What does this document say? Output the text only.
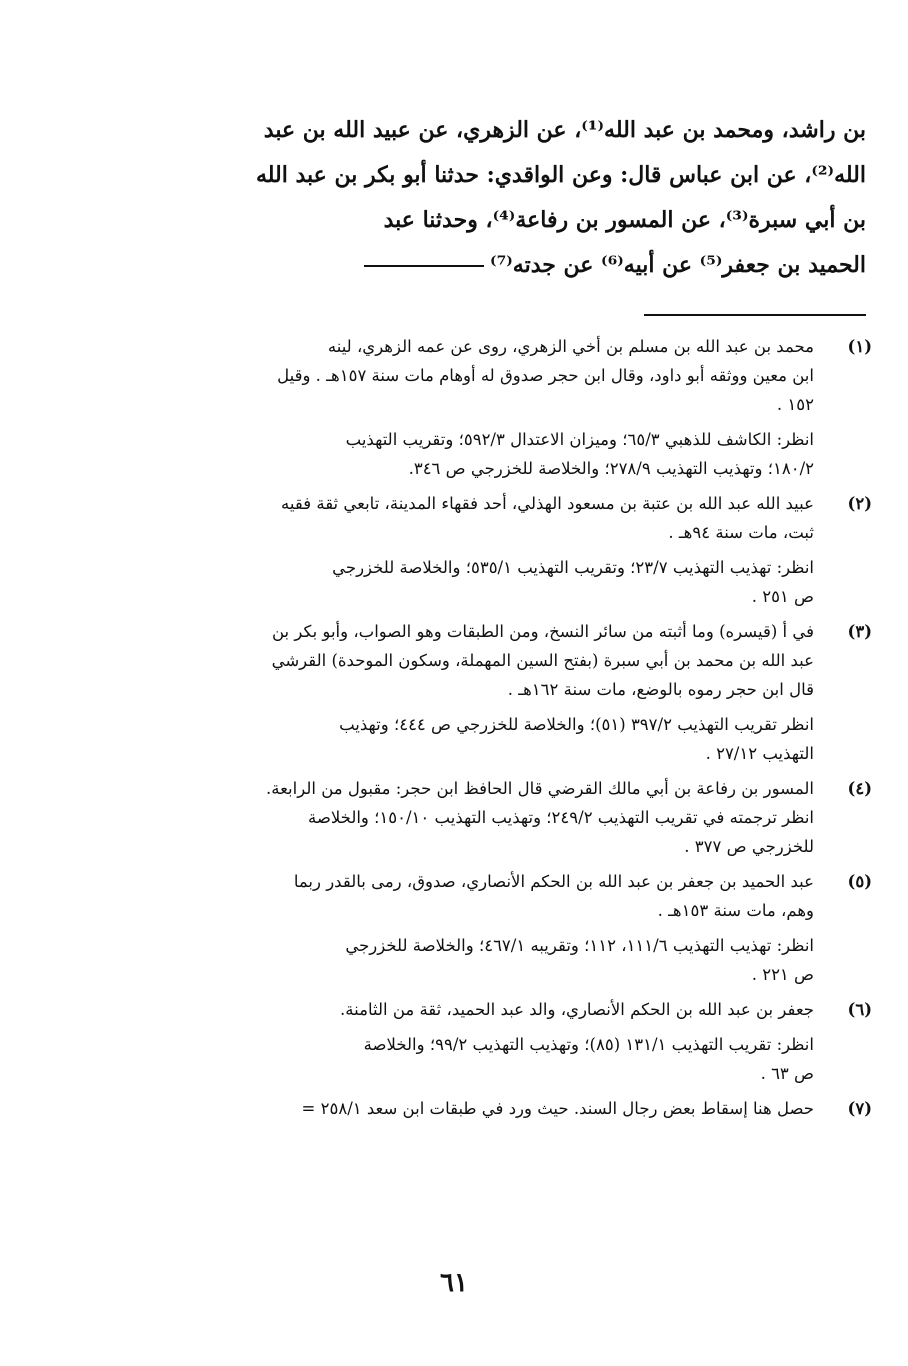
بن راشد، ومحمد بن عبد الله⁽¹⁾، عن الزهري، عن عبيد الله بن عبد
الله⁽²⁾، عن ابن عباس قال: وعن الواقدي: حدثنا أبو بكر بن عبد الله
بن أبي سبرة⁽³⁾، عن المسور بن رفاعة⁽⁴⁾، وحدثنا عبد
الحميد بن جعفر⁽⁵⁾ عن أبيه⁽⁶⁾ عن جدته⁽⁷⁾
(١)
محمد بن عبد الله بن مسلم بن أخي الزهري، روى عن عمه الزهري، لينه
ابن معين ووثقه أبو داود، وقال ابن حجر صدوق له أوهام مات سنة ١٥٧هـ . وقيل
١٥٢ .
انظر: الكاشف للذهبي ٦٥/٣؛ وميزان الاعتدال ٥٩٢/٣؛ وتقريب التهذيب
١٨٠/٢؛ وتهذيب التهذيب ٢٧٨/٩؛ والخلاصة للخزرجي ص ٣٤٦.
(٢)
عبيد الله عبد الله بن عتبة بن مسعود الهذلي، أحد فقهاء المدينة، تابعي ثقة فقيه
ثبت، مات سنة ٩٤هـ .
انظر: تهذيب التهذيب ٢٣/٧؛ وتقريب التهذيب ٥٣٥/١؛ والخلاصة للخزرجي
ص ٢٥١ .
(٣)
في أ (قيسره) وما أثبته من سائر النسخ، ومن الطبقات وهو الصواب، وأبو بكر بن
عبد الله بن محمد بن أبي سبرة (بفتح السين المهملة، وسكون الموحدة) القرشي
قال ابن حجر رموه بالوضع، مات سنة ١٦٢هـ .
انظر تقريب التهذيب ٣٩٧/٢ (٥١)؛ والخلاصة للخزرجي ص ٤٤٤؛ وتهذيب
التهذيب ٢٧/١٢ .
(٤)
المسور بن رفاعة بن أبي مالك القرضي قال الحافظ ابن حجر: مقبول من الرابعة.
انظر ترجمته في تقريب التهذيب ٢٤٩/٢؛ وتهذيب التهذيب ١٥٠/١٠؛ والخلاصة
للخزرجي ص ٣٧٧ .
(٥)
عبد الحميد بن جعفر بن عبد الله بن الحكم الأنصاري، صدوق، رمى بالقدر ربما
وهم، مات سنة ١٥٣هـ .
انظر: تهذيب التهذيب ١١١/٦، ١١٢؛ وتقريبه ٤٦٧/١؛ والخلاصة للخزرجي
ص ٢٢١ .
(٦)
جعفر بن عبد الله بن الحكم الأنصاري، والد عبد الحميد، ثقة من الثامنة.
انظر: تقريب التهذيب ١٣١/١ (٨٥)؛ وتهذيب التهذيب ٩٩/٢؛ والخلاصة
ص ٦٣ .
(٧)
حصل هنا إسقاط بعض رجال السند. حيث ورد في طبقات ابن سعد ٢٥٨/١ =
٦١
